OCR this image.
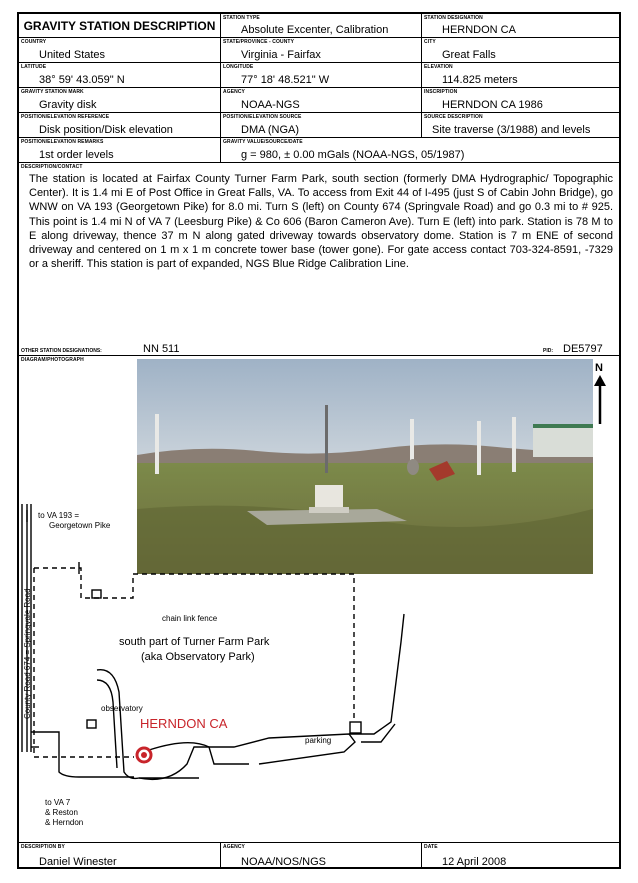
GRAVITY STATION DESCRIPTION
STATION TYPE
Absolute Excenter, Calibration
STATION DESIGNATION
HERNDON CA
COUNTRY
United States
STATE/PROVINCE - COUNTY
Virginia - Fairfax
CITY
Great Falls
LATITUDE
38° 59' 43.059" N
LONGITUDE
77° 18' 48.521" W
ELEVATION
114.825 meters
GRAVITY STATION MARK
Gravity disk
AGENCY
NOAA-NGS
INSCRIPTION
HERNDON CA 1986
POSITION/ELEVATION REFERENCE
Disk position/Disk elevation
POSITION/ELEVATION SOURCE
DMA (NGA)
SOURCE DESCRIPTION
Site traverse (3/1988) and levels
POSITION/ELEVATION REMARKS
1st order levels
GRAVITY VALUE/SOURCE/DATE
g = 980, ± 0.00 mGals (NOAA-NGS, 05/1987)
DESCRIPTION/CONTACT
The station is located at Fairfax County Turner Farm Park, south section (formerly DMA Hydrographic/ Topographic Center). It is 1.4 mi E of Post Office in Great Falls, VA. To access from Exit 44 of I-495 (just S of Cabin John Bridge), go WNW on VA 193 (Georgetown Pike) for 8.0 mi. Turn S (left) on County 674 (Springvale Road) and go 0.3 mi to # 925. This point is 1.4 mi N of VA 7 (Leesburg Pike) & Co 606 (Baron Cameron Ave). Turn E (left) into park. Station is 78 M to E along driveway, thence 37 m N along gated driveway towards observatory dome. Station is 7 m ENE of second driveway and centered on 1 m x 1 m concrete tower base (tower gone). For gate access contact 703-324-8591, -7329 or a sheriff. This station is part of expanded, NGS Blue Ridge Calibration Line.
OTHER STATION DESIGNATIONS:	NN 511	PID: DE5797
DIAGRAM/PHOTOGRAPH
N
to VA 193 =
Georgetown Pike
County Road 674 = Springvale Road	chain link fence
south part of Turner Farm Park
(aka Observatory Park)
observatory
HERNDON CA
parking
to VA 7
& Reston
& Herndon
DESCRIPTION BY
Daniel Winester
AGENCY
NOAA/NOS/NGS
DATE
12 April 2008
